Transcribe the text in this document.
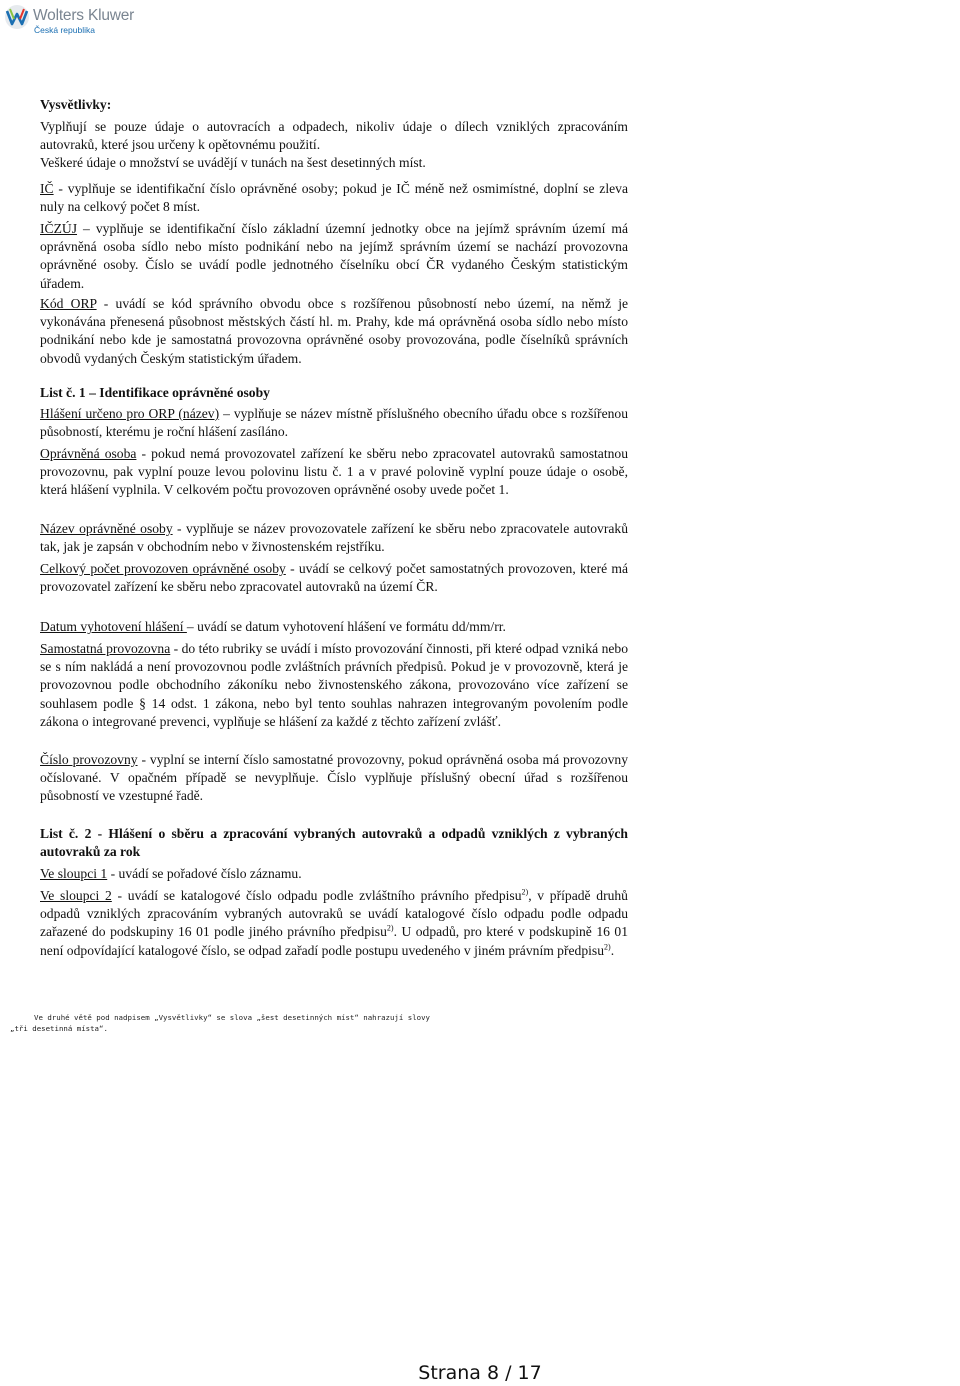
Wolters Kluwer
Česká republika
Vysvětlivky:

Vyplňují se pouze údaje o autovracích a odpadech, nikoliv údaje o dílech vzniklých zpracováním autovraků, které jsou určeny k opětovnému použití.

Veškeré údaje o množství se uvádějí v tunách na šest desetinných míst.

IČ - vyplňuje se identifikační číslo oprávněné osoby; pokud je IČ méně než osmimístné, doplní se zleva nuly na celkový počet 8 míst.

IČZÚJ – vyplňuje se identifikační číslo základní územní jednotky obce na jejímž správním území má oprávněná osoba sídlo nebo místo podnikání nebo na jejímž správním území se nachází provozovna oprávněné osoby. Číslo se uvádí podle jednotného číselníku obcí ČR vydaného Českým statistickým úřadem.

Kód ORP - uvádí se kód správního obvodu obce s rozšířenou působností nebo území, na němž je vykonávána přenesená působnost městských částí hl. m. Prahy, kde má oprávněná osoba sídlo nebo místo podnikání nebo kde je samostatná provozovna oprávněné osoby provozována, podle číselníků správních obvodů vydaných Českým statistickým úřadem.

List č. 1 – Identifikace oprávněné osoby

Hlášení určeno pro ORP (název) – vyplňuje se název místně příslušného obecního úřadu obce s rozšířenou působností, kterému je roční hlášení zasíláno.

Oprávněná osoba - pokud nemá provozovatel zařízení ke sběru nebo zpracovatel autovraků samostatnou provozovnu, pak vyplní pouze levou polovinu listu č. 1 a v pravé polovině vyplní pouze údaje o osobě, která hlášení vyplnila. V celkovém počtu provozoven oprávněné osoby uvede počet 1.

Název oprávněné osoby - vyplňuje se název provozovatele zařízení ke sběru nebo zpracovatele autovraků tak, jak je zapsán v obchodním nebo v živnostenském rejstříku.

Celkový počet provozoven oprávněné osoby - uvádí se celkový počet samostatných provozoven, které má provozovatel zařízení ke sběru nebo zpracovatel autovraků na území ČR.

Datum vyhotovení hlášení – uvádí se datum vyhotovení hlášení ve formátu dd/mm/rr.

Samostatná provozovna - do této rubriky se uvádí i místo provozování činnosti, při které odpad vzniká nebo se s ním nakládá a není provozovnou podle zvláštních právních předpisů. Pokud je v provozovně, která je provozovnou podle obchodního zákoníku nebo živnostenského zákona, provozováno více zařízení se souhlasem podle § 14 odst. 1 zákona, nebo byl tento souhlas nahrazen integrovaným povolením podle zákona o integrované prevenci, vyplňuje se hlášení za každé z těchto zařízení zvlášť.

Číslo provozovny - vyplní se interní číslo samostatné provozovny, pokud oprávněná osoba má provozovny očíslované. V opačném případě se nevyplňuje. Číslo vyplňuje příslušný obecní úřad s rozšířenou působností ve vzestupné řadě.

List č. 2 - Hlášení o sběru a zpracování vybraných autovraků a odpadů vzniklých z vybraných autovraků za rok

Ve sloupci 1 - uvádí se pořadové číslo záznamu.

Ve sloupci 2 - uvádí se katalogové číslo odpadu podle zvláštního právního předpisu$^{2)}$, v případě druhů odpadů vzniklých zpracováním vybraných autovraků se uvádí katalogové číslo odpadu podle odpadu zařazené do podskupiny 16 01 podle jiného právního předpisu$^{2)}$. U odpadů, pro které v podskupině 16 01 není odpovídající katalogové číslo, se odpad zařadí podle postupu uvedeného v jiném právním předpisu$^{2)}$.

Ve druhé větě pod nadpisem „Vysvětlivky“ se slova „šest desetinných míst“ nahrazují slovy „tři desetinná místa“.
Strana 8 / 17
